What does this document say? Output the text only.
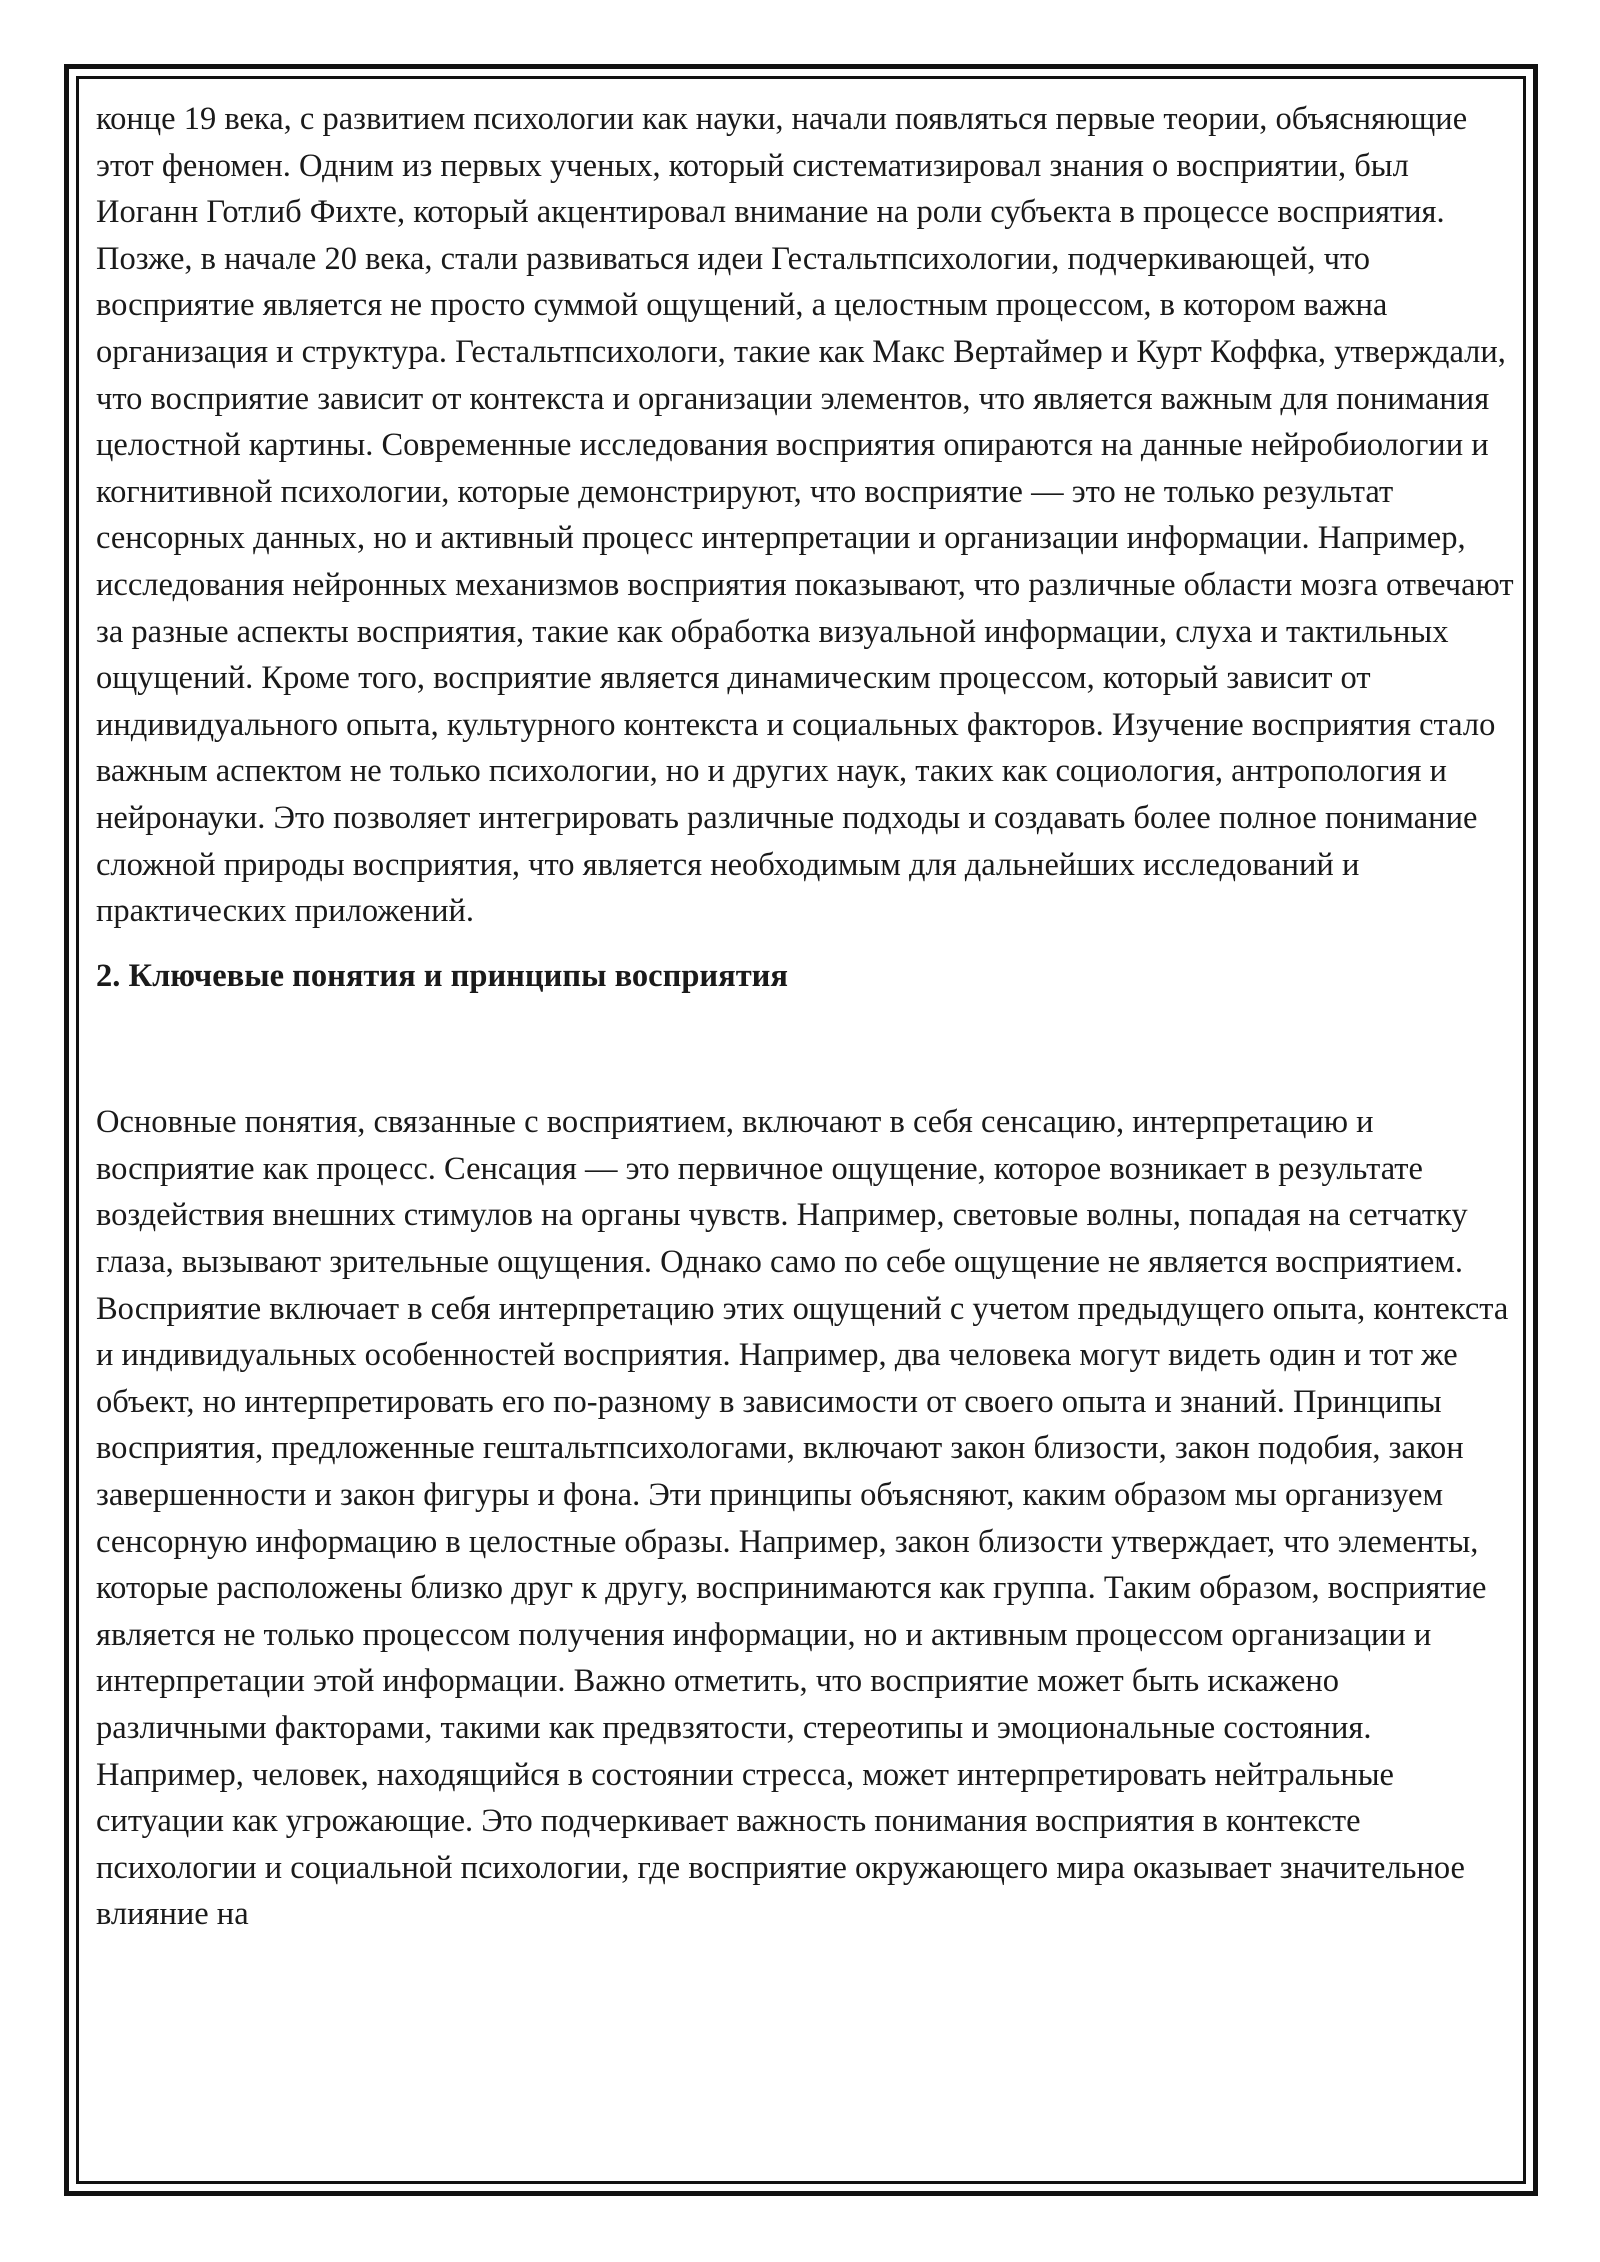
конце 19 века, с развитием психологии как науки, начали появляться первые теории, объясняющие этот феномен. Одним из первых ученых, который систематизировал знания о восприятии, был Иоганн Готлиб Фихте, который акцентировал внимание на роли субъекта в процессе восприятия. Позже, в начале 20 века, стали развиваться идеи Гестальтпсихологии, подчеркивающей, что восприятие является не просто суммой ощущений, а целостным процессом, в котором важна организация и структура. Гестальтпсихологи, такие как Макс Вертаймер и Курт Коффка, утверждали, что восприятие зависит от контекста и организации элементов, что является важным для понимания целостной картины. Современные исследования восприятия опираются на данные нейробиологии и когнитивной психологии, которые демонстрируют, что восприятие — это не только результат сенсорных данных, но и активный процесс интерпретации и организации информации. Например, исследования нейронных механизмов восприятия показывают, что различные области мозга отвечают за разные аспекты восприятия, такие как обработка визуальной информации, слуха и тактильных ощущений. Кроме того, восприятие является динамическим процессом, который зависит от индивидуального опыта, культурного контекста и социальных факторов. Изучение восприятия стало важным аспектом не только психологии, но и других наук, таких как социология, антропология и нейронауки. Это позволяет интегрировать различные подходы и создавать более полное понимание сложной природы восприятия, что является необходимым для дальнейших исследований и практических приложений.

2. Ключевые понятия и принципы восприятия

Основные понятия, связанные с восприятием, включают в себя сенсацию, интерпретацию и восприятие как процесс. Сенсация — это первичное ощущение, которое возникает в результате воздействия внешних стимулов на органы чувств. Например, световые волны, попадая на сетчатку глаза, вызывают зрительные ощущения. Однако само по себе ощущение не является восприятием. Восприятие включает в себя интерпретацию этих ощущений с учетом предыдущего опыта, контекста и индивидуальных особенностей восприятия. Например, два человека могут видеть один и тот же объект, но интерпретировать его по-разному в зависимости от своего опыта и знаний. Принципы восприятия, предложенные гештальтпсихологами, включают закон близости, закон подобия, закон завершенности и закон фигуры и фона. Эти принципы объясняют, каким образом мы организуем сенсорную информацию в целостные образы. Например, закон близости утверждает, что элементы, которые расположены близко друг к другу, воспринимаются как группа. Таким образом, восприятие является не только процессом получения информации, но и активным процессом организации и интерпретации этой информации. Важно отметить, что восприятие может быть искажено различными факторами, такими как предвзятости, стереотипы и эмоциональные состояния. Например, человек, находящийся в состоянии стресса, может интерпретировать нейтральные ситуации как угрожающие. Это подчеркивает важность понимания восприятия в контексте психологии и социальной психологии, где восприятие окружающего мира оказывает значительное влияние на
